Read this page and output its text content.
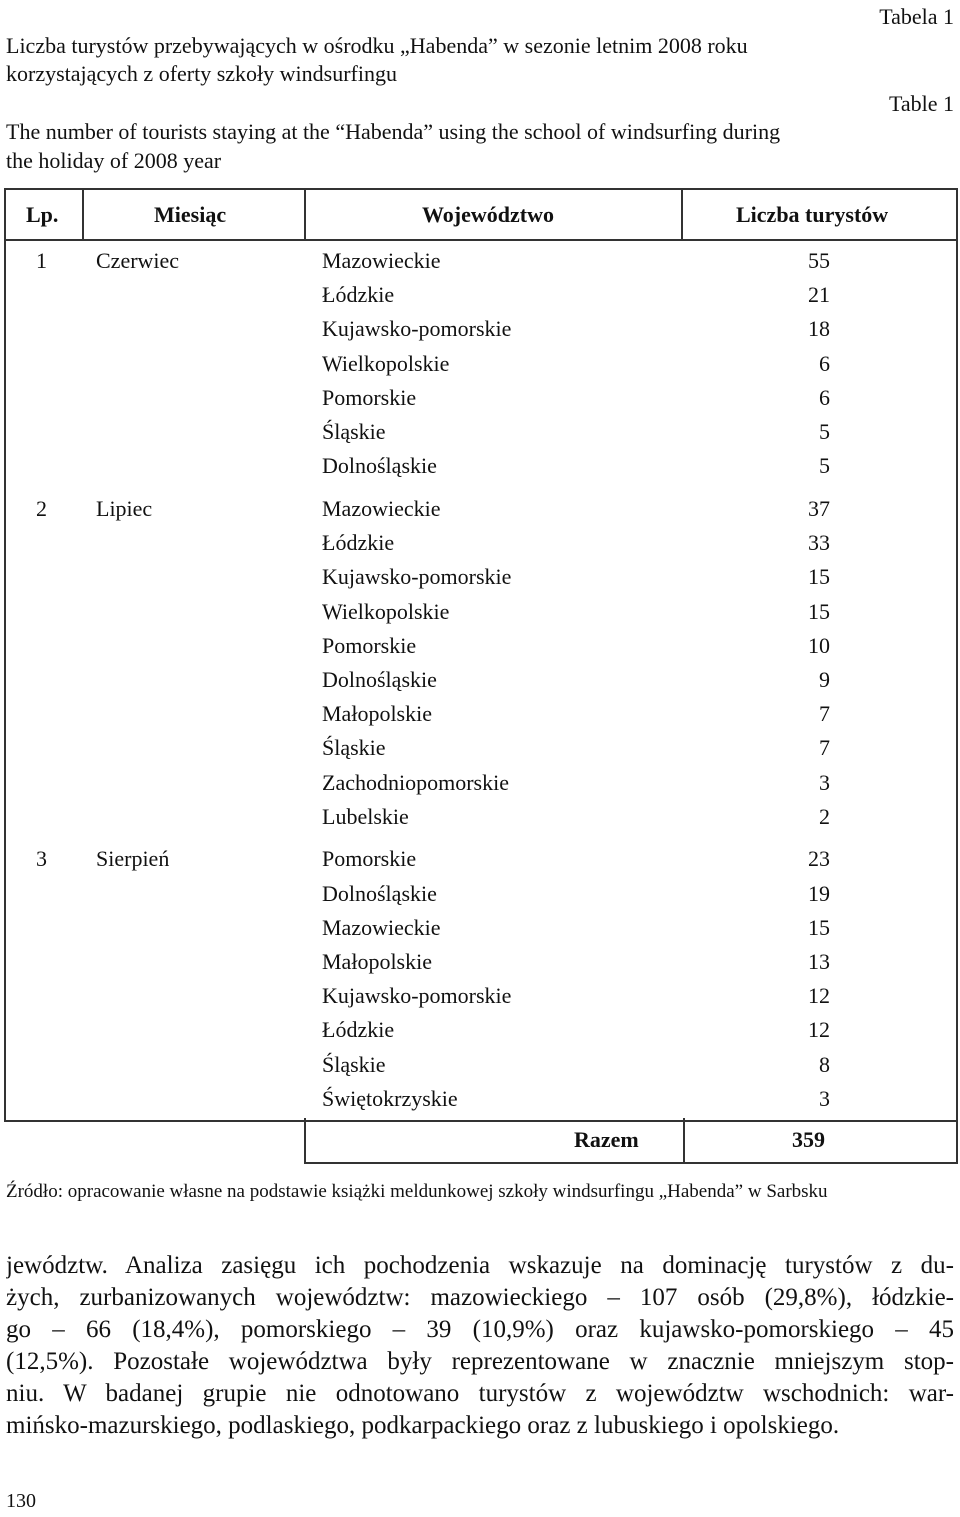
Tabela 1
Liczba turystów przebywających w ośrodku „Habenda” w sezonie letnim 2008 roku
korzystających z oferty szkoły windsurfingu
Table 1
The number of tourists staying at the “Habenda” using the school of windsurfing during
the holiday of 2008 year
Lp.	Miesiąc	Województwo	Liczba turystów
1 Czerwiec	Mazowieckie	55
Łódzkie	21
Kujawsko-pomorskie	18
Wielkopolskie	6
Pomorskie	6
Śląskie	5
Dolnośląskie	5
2 Lipiec	Mazowieckie	37
Łódzkie	33
Kujawsko-pomorskie	15
Wielkopolskie	15
Pomorskie	10
Dolnośląskie	9
Małopolskie	7
Śląskie	7
Zachodniopomorskie	3
Lubelskie	2
3 Sierpień	Pomorskie	23
Dolnośląskie	19
Mazowieckie	15
Małopolskie	13
Kujawsko-pomorskie	12
Łódzkie	12
Śląskie	8
Świętokrzyskie	3
Razem	359
Źródło: opracowanie własne na podstawie książki meldunkowej szkoły windsurfingu „Habenda” w Sarbsku
jewództw. Analiza zasięgu ich pochodzenia wskazuje na dominację turystów z du-
żych, zurbanizowanych województw: mazowieckiego – 107 osób (29,8%), łódzkie-
go – 66 (18,4%), pomorskiego – 39 (10,9%) oraz kujawsko-pomorskiego – 45
(12,5%). Pozostałe województwa były reprezentowane w znacznie mniejszym stop-
niu. W badanej grupie nie odnotowano turystów z województw wschodnich: war-
mińsko-mazurskiego, podlaskiego, podkarpackiego oraz z lubuskiego i opolskiego.
130
